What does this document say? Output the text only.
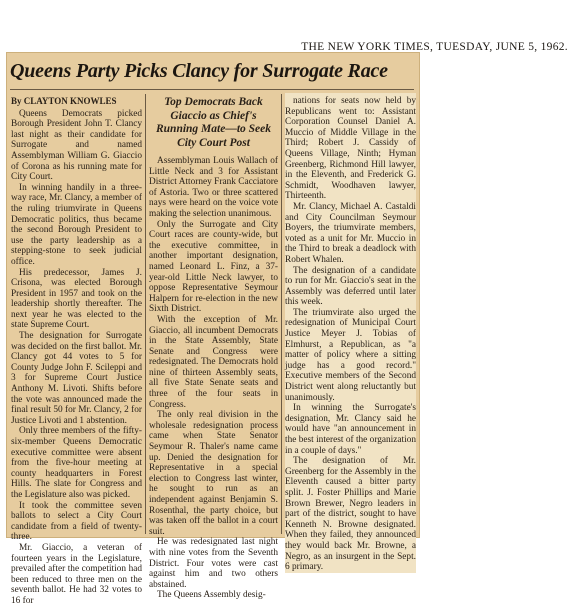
THE NEW YORK TIMES, TUESDAY, JUNE 5, 1962.
Queens Party Picks Clancy for Surrogate Race

By CLAYTON KNOWLES

Queens Democrats picked Borough President John T. Clancy last night as their candidate for Surrogate and named Assemblyman William G. Giaccio of Corona as his running mate for City Court.

In winning handily in a three-way race, Mr. Clancy, a member of the ruling triumvirate in Queens Democratic politics, thus became the second Borough President to use the party leadership as a stepping-stone to seek judicial office.

His predecessor, James J. Crisona, was elected Borough President in 1957 and took on the leadership shortly thereafter. The next year he was elected to the state Supreme Court.

The designation for Surrogate was decided on the first ballot. Mr. Clancy got 44 votes to 5 for County Judge John F. Scileppi and 3 for Supreme Court Justice Anthony M. Livoti. Shifts before the vote was announced made the final result 50 for Mr. Clancy, 2 for Justice Livoti and 1 abstention.

Only three members of the fifty-six-member Queens Democratic executive committee were absent from the five-hour meeting at county headquarters in Forest Hills. The slate for Congress and the Legislature also was picked.

It took the committee seven ballots to select a City Court candidate from a field of twenty-three.

Mr. Giaccio, a veteran of fourteen years in the Legislature, prevailed after the competition had been reduced to three men on the seventh ballot. He had 32 votes to 16 for

Top Democrats Back Giaccio as Chief's Running Mate—to Seek City Court Post

Assemblyman Louis Wallach of Little Neck and 3 for Assistant District Attorney Frank Cacciatore of Astoria. Two or three scattered nays were heard on the voice vote making the selection unanimous.

Only the Surrogate and City Court races are county-wide, but the executive committee, in another important designation, named Leonard L. Finz, a 37-year-old Little Neck lawyer, to oppose Representative Seymour Halpern for re-election in the new Sixth District.

With the exception of Mr. Giaccio, all incumbent Democrats in the State Assembly, State Senate and Congress were redesignated. The Democrats hold nine of thirteen Assembly seats, all five State Senate seats and three of the four seats in Congress.

The only real division in the wholesale redesignation process came when State Senator Seymour R. Thaler's name came up. Denied the designation for Representative in a special election to Congress last winter, he sought to run as an independent against Benjamin S. Rosenthal, the party choice, but was taken off the ballot in a court suit.

He was redesignated last night with nine votes from the Seventh District. Four votes were cast against him and two others abstained.

The Queens Assembly desig-

nations for seats now held by Republicans went to: Assistant Corporation Counsel Daniel A. Muccio of Middle Village in the Third; Robert J. Cassidy of Queens Village, Ninth; Hyman Greenberg, Richmond Hill lawyer, in the Eleventh, and Frederick G. Schmidt, Woodhaven lawyer, Thirteenth.

Mr. Clancy, Michael A. Castaldi and City Councilman Seymour Boyers, the triumvirate members, voted as a unit for Mr. Muccio in the Third to break a deadlock with Robert Whalen.

The designation of a candidate to run for Mr. Giaccio's seat in the Assembly was deferred until later this week.

The triumvirate also urged the redesignation of Municipal Court Justice Meyer J. Tobias of Elmhurst, a Republican, as "a matter of policy where a sitting judge has a good record." Executive members of the Second District went along reluctantly but unanimously.

In winning the Surrogate's designation, Mr. Clancy said he would have "an announcement in the best interest of the organization in a couple of days."

The designation of Mr. Greenberg for the Assembly in the Eleventh caused a bitter party split. J. Foster Phillips and Marie Brown Brewer, Negro leaders in part of the district, sought to have Kenneth N. Browne designated. When they failed, they announced they would back Mr. Browne, a Negro, as an insurgent in the Sept. 6 primary.
